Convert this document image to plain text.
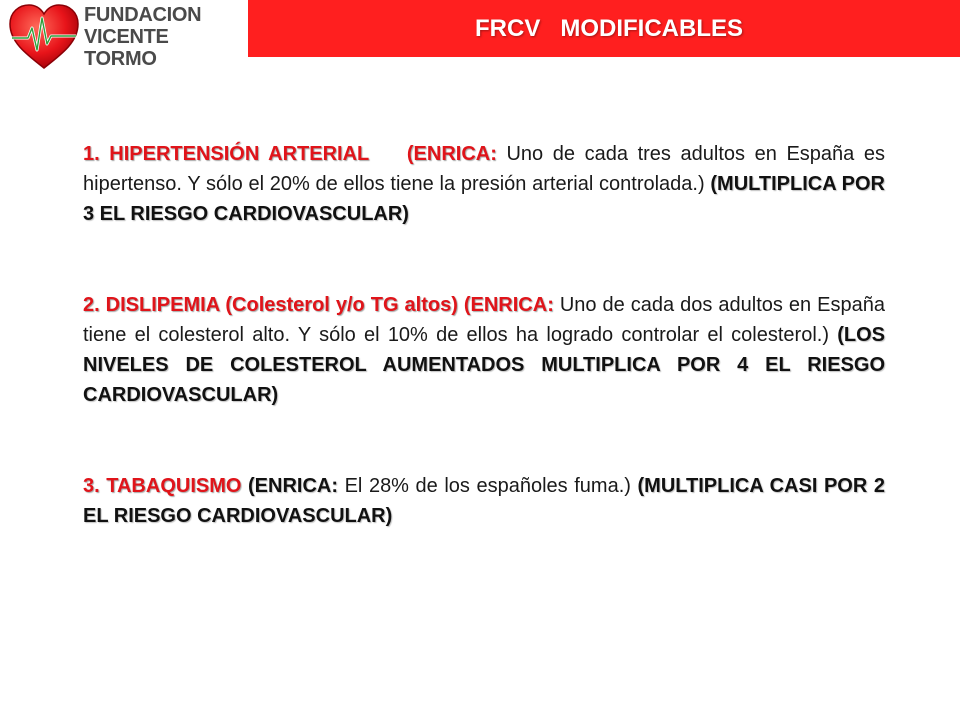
FUNDACION
VICENTE TORMO
FRCV   MODIFICABLES

1. HIPERTENSIÓN ARTERIAL (ENRICA: Uno de cada tres adultos en España es hipertenso. Y sólo el 20% de ellos tiene la presión arterial controlada.) (MULTIPLICA POR 3 EL RIESGO CARDIOVASCULAR)

2. DISLIPEMIA (Colesterol y/o TG altos) (ENRICA: Uno de cada dos adultos en España tiene el colesterol alto. Y sólo el 10% de ellos ha logrado controlar el colesterol.) (LOS NIVELES DE COLESTEROL AUMENTADOS MULTIPLICA POR 4 EL RIESGO CARDIOVASCULAR)

3. TABAQUISMO (ENRICA: El 28% de los españoles fuma.) (MULTIPLICA CASI POR 2 EL RIESGO CARDIOVASCULAR)
